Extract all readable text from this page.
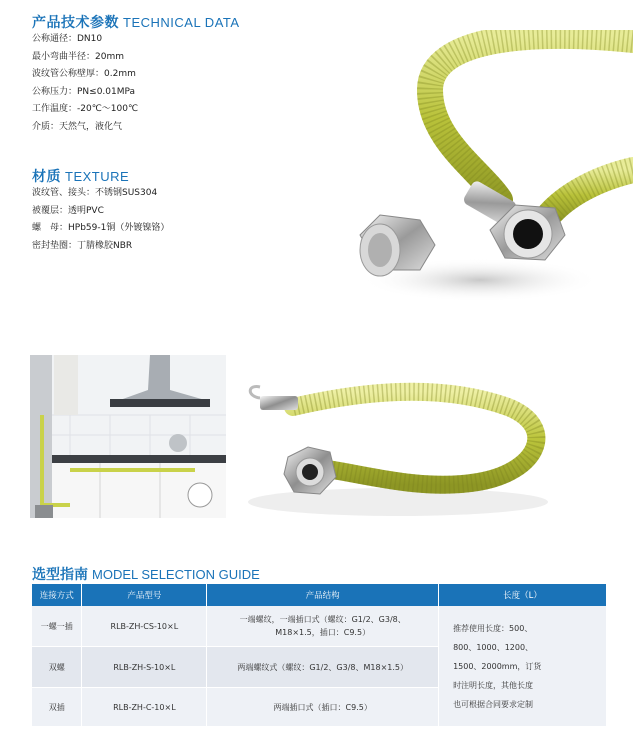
产品技术参数 TECHNICAL DATA
公称通径：DN10
最小弯曲半径：20mm
波纹管公称壁厚：0.2mm
公称压力：PN≤0.01MPa
工作温度：-20℃～100℃
介质：天然气，液化气
材质 TEXTURE
波纹管、接头：不锈钢SUS304
被覆层：透明PVC
螺　母：HPb59-1铜（外镀镍铬）
密封垫圈：丁腈橡胶NBR
选型指南 MODEL SELECTION GUIDE
连接方式	产品型号	产品结构	长度（L）
一螺一插	RLB-ZH-CS-10×L	一端螺纹，一端插口式（螺纹：G1/2、G3/8、M18×1.5，插口：C9.5）	推荐使用长度：500、
800、1000、1200、
1500、2000mm，订货
时注明长度，其他长度
也可根据合同要求定制

双螺	RLB-ZH-S-10×L	两端螺纹式（螺纹：G1/2、G3/8、M18×1.5）	
双插	RLB-ZH-C-10×L	两端插口式（插口：C9.5）	
